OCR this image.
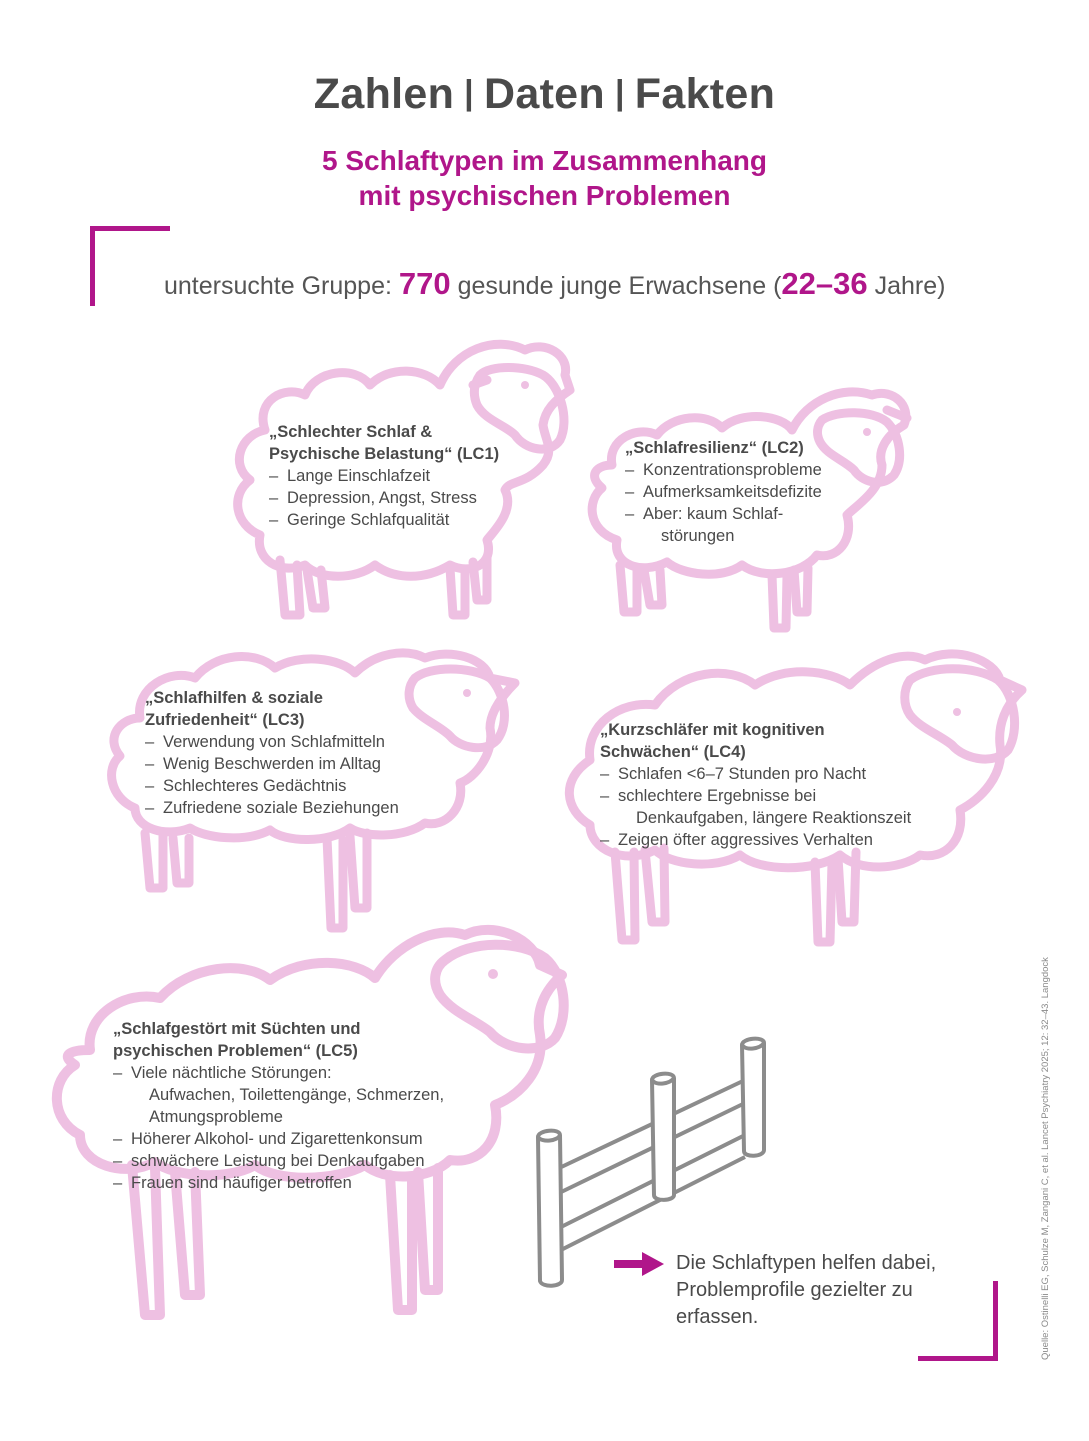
Zahlen | Daten | Fakten
5 Schlaftypen im Zusammenhang
mit psychischen Problemen
untersuchte Gruppe: 770 gesunde junge Erwachsene (22–36 Jahre)
„Schlechter Schlaf &
Psychische Belastung“ (LC1)
– Lange Einschlafzeit
– Depression, Angst, Stress
– Geringe Schlafqualität
„Schlafresilienz“ (LC2)
– Konzentrationsprobleme
– Aufmerksamkeitsdefizite
– Aber: kaum Schlaf-
störungen
„Schlafhilfen & soziale
Zufriedenheit“ (LC3)
– Verwendung von Schlafmitteln
– Wenig Beschwerden im Alltag
– Schlechteres Gedächtnis
– Zufriedene soziale Beziehungen
„Kurzschläfer mit kognitiven
Schwächen“ (LC4)
– Schlafen <6–7 Stunden pro Nacht
– schlechtere Ergebnisse bei
Denkaufgaben, längere Reaktionszeit
– Zeigen öfter aggressives Verhalten
„Schlafgestört mit Süchten und
psychischen Problemen“ (LC5)
– Viele nächtliche Störungen:
Aufwachen, Toilettengänge, Schmerzen,
Atmungsprobleme
– Höherer Alkohol- und Zigarettenkonsum
– schwächere Leistung bei Denkaufgaben
– Frauen sind häufiger betroffen
Die Schlaftypen helfen dabei,
Problemprofile gezielter zu
erfassen.	Quelle: Ostinelli EG, Schulze M, Zangani C, et al. Lancet Psychiatry 2025; 12: 32–43. Langdock
